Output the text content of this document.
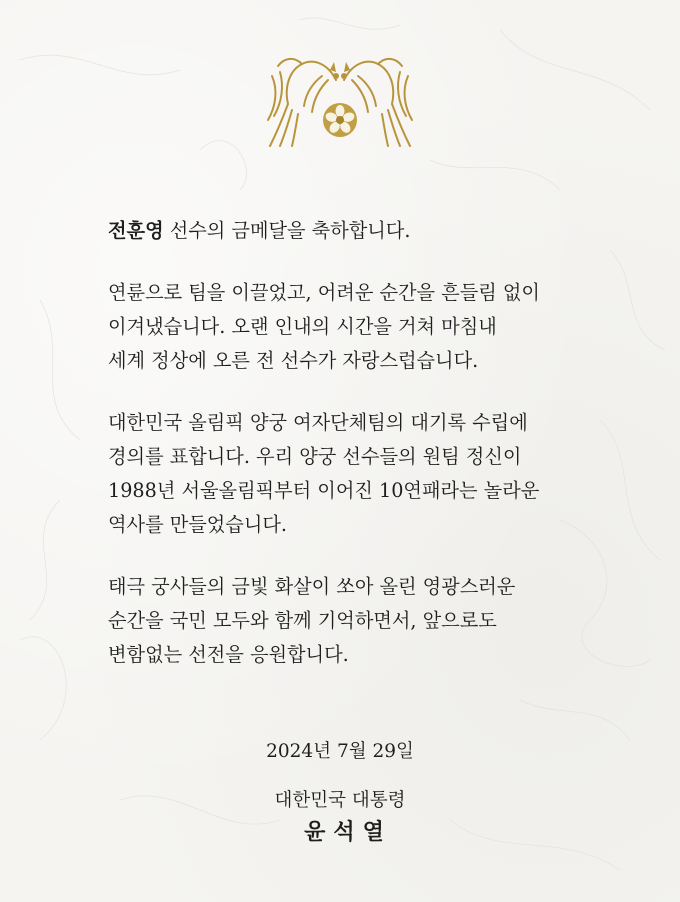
전훈영 선수의 금메달을 축하합니다.

연륜으로 팀을 이끌었고, 어려운 순간을 흔들림 없이
이겨냈습니다. 오랜 인내의 시간을 거쳐 마침내
세계 정상에 오른 전 선수가 자랑스럽습니다.

대한민국 올림픽 양궁 여자단체팀의 대기록 수립에
경의를 표합니다. 우리 양궁 선수들의 원팀 정신이
1988년 서울올림픽부터 이어진 10연패라는 놀라운
역사를 만들었습니다.

태극 궁사들의 금빛 화살이 쏘아 올린 영광스러운
순간을 국민 모두와 함께 기억하면서, 앞으로도
변함없는 선전을 응원합니다.

2024년 7월 29일
대한민국 대통령
윤석열
